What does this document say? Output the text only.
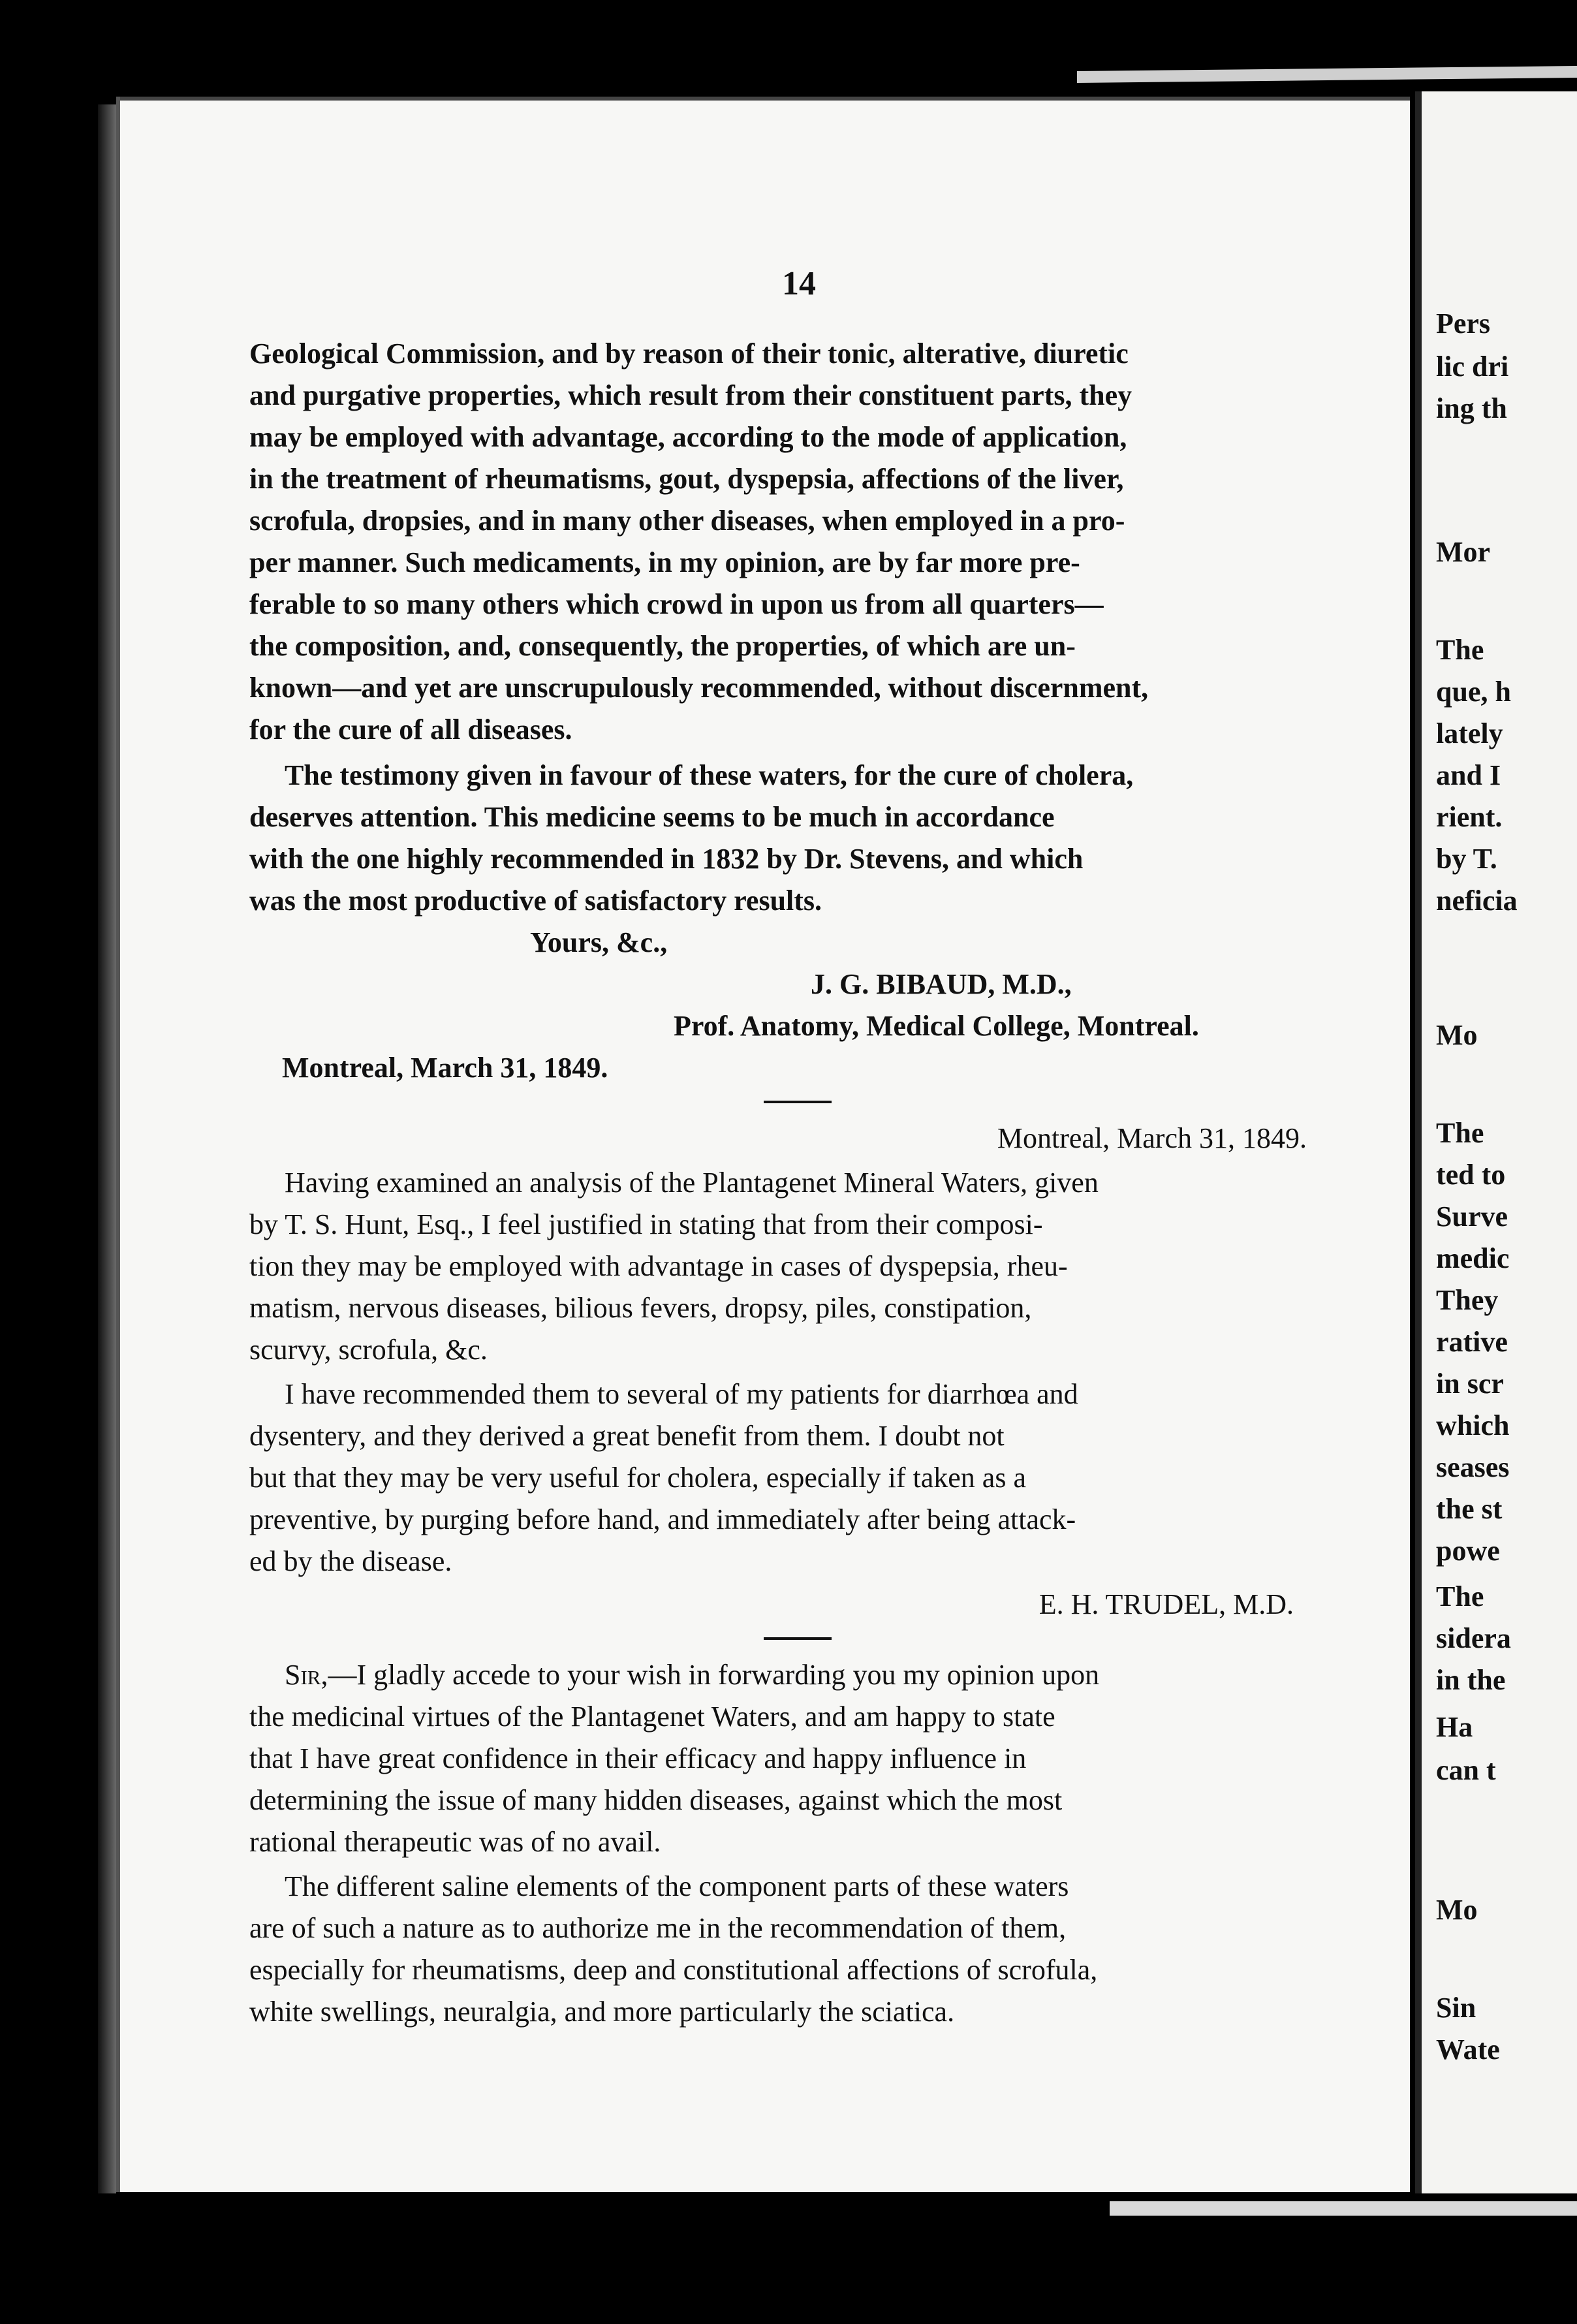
14
Geological Commission, and by reason of their tonic, alterative, diuretic
and purgative properties, which result from their constituent parts, they
may be employed with advantage, according to the mode of application,
in the treatment of rheumatisms, gout, dyspepsia, affections of the liver,
scrofula, dropsies, and in many other diseases, when employed in a pro-
per manner. Such medicaments, in my opinion, are by far more pre-
ferable to so many others which crowd in upon us from all quarters—
the composition, and, consequently, the properties, of which are un-
known—and yet are unscrupulously recommended, without discernment,
for the cure of all diseases.
The testimony given in favour of these waters, for the cure of cholera,
deserves attention. This medicine seems to be much in accordance
with the one highly recommended in 1832 by Dr. Stevens, and which
was the most productive of satisfactory results.
Yours, &c.,
J. G. BIBAUD, M.D.,
Prof. Anatomy, Medical College, Montreal.
Montreal, March 31, 1849.
Montreal, March 31, 1849.
Having examined an analysis of the Plantagenet Mineral Waters, given
by T. S. Hunt, Esq., I feel justified in stating that from their composi-
tion they may be employed with advantage in cases of dyspepsia, rheu-
matism, nervous diseases, bilious fevers, dropsy, piles, constipation,
scurvy, scrofula, &c.
I have recommended them to several of my patients for diarrhœa and
dysentery, and they derived a great benefit from them. I doubt not
but that they may be very useful for cholera, especially if taken as a
preventive, by purging before hand, and immediately after being attack-
ed by the disease.
E. H. TRUDEL, M.D.
Sir,—I gladly accede to your wish in forwarding you my opinion upon
the medicinal virtues of the Plantagenet Waters, and am happy to state
that I have great confidence in their efficacy and happy influence in
determining the issue of many hidden diseases, against which the most
rational therapeutic was of no avail.
The different saline elements of the component parts of these waters
are of such a nature as to authorize me in the recommendation of them,
especially for rheumatisms, deep and constitutional affections of scrofula,
white swellings, neuralgia, and more particularly the sciatica.
Pers
lic dri
ing th
Mor
The
que, h
lately
and I
rient.
by T.
neficia
Mo
The
ted to
Surve
medic
They
rative
in scr
which
seases
the st
powe
The
sidera
in the
Ha
can t
Mo
Sin
Wate
